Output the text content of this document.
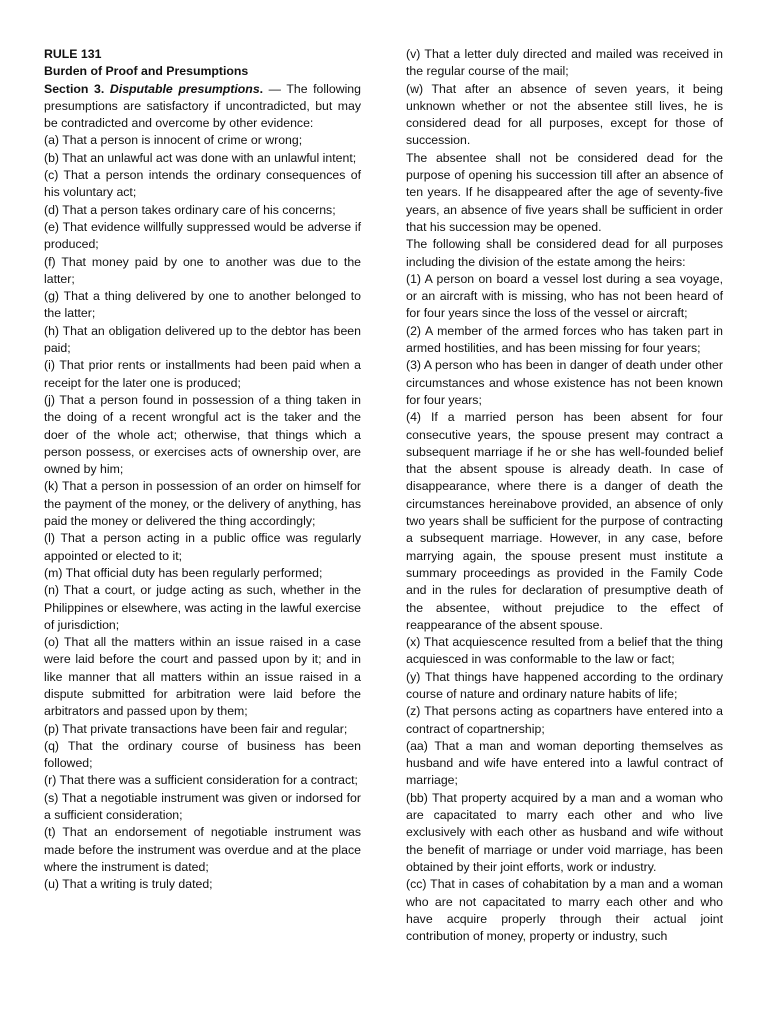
RULE 131

Burden of Proof and Presumptions

Section 3. Disputable presumptions. — The following presumptions are satisfactory if uncontradicted, but may be contradicted and overcome by other evidence:

(a) That a person is innocent of crime or wrong;

(b) That an unlawful act was done with an unlawful intent;

(c) That a person intends the ordinary consequences of his voluntary act;

(d) That a person takes ordinary care of his concerns;

(e) That evidence willfully suppressed would be adverse if produced;

(f) That money paid by one to another was due to the latter;

(g) That a thing delivered by one to another belonged to the latter;

(h) That an obligation delivered up to the debtor has been paid;

(i) That prior rents or installments had been paid when a receipt for the later one is produced;

(j) That a person found in possession of a thing taken in the doing of a recent wrongful act is the taker and the doer of the whole act; otherwise, that things which a person possess, or exercises acts of ownership over, are owned by him;

(k) That a person in possession of an order on himself for the payment of the money, or the delivery of anything, has paid the money or delivered the thing accordingly;

(l) That a person acting in a public office was regularly appointed or elected to it;

(m) That official duty has been regularly performed;

(n) That a court, or judge acting as such, whether in the Philippines or elsewhere, was acting in the lawful exercise of jurisdiction;

(o) That all the matters within an issue raised in a case were laid before the court and passed upon by it; and in like manner that all matters within an issue raised in a dispute submitted for arbitration were laid before the arbitrators and passed upon by them;

(p) That private transactions have been fair and regular;

(q) That the ordinary course of business has been followed;

(r) That there was a sufficient consideration for a contract;

(s) That a negotiable instrument was given or indorsed for a sufficient consideration;

(t) That an endorsement of negotiable instrument was made before the instrument was overdue and at the place where the instrument is dated;

(u) That a writing is truly dated;

(v) That a letter duly directed and mailed was received in the regular course of the mail;

(w) That after an absence of seven years, it being unknown whether or not the absentee still lives, he is considered dead for all purposes, except for those of succession.

The absentee shall not be considered dead for the purpose of opening his succession till after an absence of ten years. If he disappeared after the age of seventy-five years, an absence of five years shall be sufficient in order that his succession may be opened.

The following shall be considered dead for all purposes including the division of the estate among the heirs:

(1) A person on board a vessel lost during a sea voyage, or an aircraft with is missing, who has not been heard of for four years since the loss of the vessel or aircraft;

(2) A member of the armed forces who has taken part in armed hostilities, and has been missing for four years;

(3) A person who has been in danger of death under other circumstances and whose existence has not been known for four years;

(4) If a married person has been absent for four consecutive years, the spouse present may contract a subsequent marriage if he or she has well-founded belief that the absent spouse is already death. In case of disappearance, where there is a danger of death the circumstances hereinabove provided, an absence of only two years shall be sufficient for the purpose of contracting a subsequent marriage. However, in any case, before marrying again, the spouse present must institute a summary proceedings as provided in the Family Code and in the rules for declaration of presumptive death of the absentee, without prejudice to the effect of reappearance of the absent spouse.

(x) That acquiescence resulted from a belief that the thing acquiesced in was conformable to the law or fact;

(y) That things have happened according to the ordinary course of nature and ordinary nature habits of life;

(z) That persons acting as copartners have entered into a contract of copartnership;

(aa) That a man and woman deporting themselves as husband and wife have entered into a lawful contract of marriage;

(bb) That property acquired by a man and a woman who are capacitated to marry each other and who live exclusively with each other as husband and wife without the benefit of marriage or under void marriage, has been obtained by their joint efforts, work or industry.

(cc) That in cases of cohabitation by a man and a woman who are not capacitated to marry each other and who have acquire properly through their actual joint contribution of money, property or industry, such
